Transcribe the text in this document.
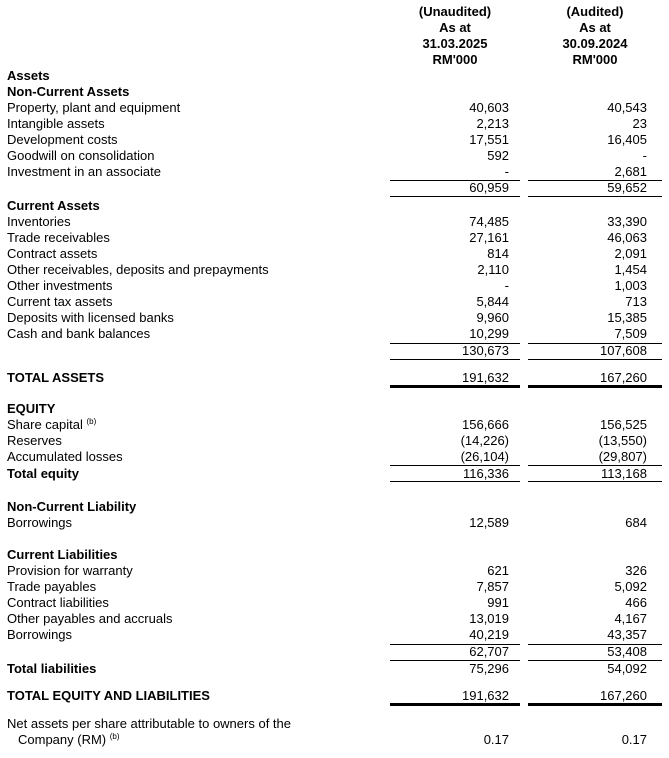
(Unaudited)
As at
31.03.2025
RM'000
(Audited)
As at
30.09.2024
RM'000
Assets
Non-Current Assets
Property, plant and equipment	40,603	40,543
Intangible assets	2,213	23
Development costs	17,551	16,405
Goodwill on consolidation	592	-
Investment in an associate	-	2,681
60,959	59,652
Current Assets
Inventories	74,485	33,390
Trade receivables	27,161	46,063
Contract assets	814	2,091
Other receivables, deposits and prepayments	2,110	1,454
Other investments	-	1,003
Current tax assets	5,844	713
Deposits with licensed banks	9,960	15,385
Cash and bank balances	10,299	7,509
130,673	107,608
TOTAL ASSETS	191,632	167,260
EQUITY
Share capital $^{(b)}$	156,666	156,525
Reserves	(14,226)	(13,550)
Accumulated losses	(26,104)	(29,807)
Total equity	116,336	113,168
Non-Current Liability
Borrowings	12,589	684
Current Liabilities
Provision for warranty	621	326
Trade payables	7,857	5,092
Contract liabilities	991	466
Other payables and accruals	13,019	4,167
Borrowings	40,219	43,357
62,707	53,408
Total liabilities	75,296	54,092
TOTAL EQUITY AND LIABILITIES	191,632	167,260
Net assets per share attributable to owners of the
Company (RM) $^{(b)}$	0.17	0.17
